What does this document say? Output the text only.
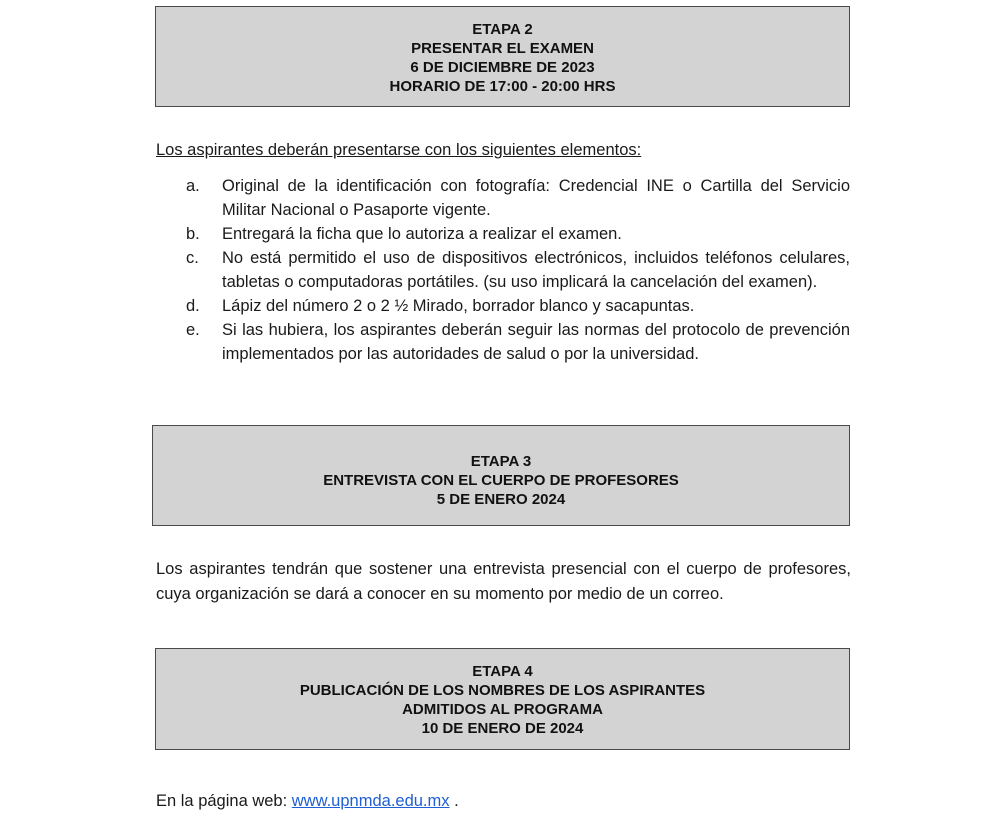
ETAPA 2
PRESENTAR EL EXAMEN
6 DE DICIEMBRE DE 2023
HORARIO DE 17:00 - 20:00 HRS
Los aspirantes deberán presentarse con los siguientes elementos:
a. Original de la identificación con fotografía: Credencial INE o Cartilla del Servicio Militar Nacional o Pasaporte vigente.
b. Entregará la ficha que lo autoriza a realizar el examen.
c. No está permitido el uso de dispositivos electrónicos, incluidos teléfonos celulares, tabletas o computadoras portátiles. (su uso implicará la cancelación del examen).
d. Lápiz del número 2 o 2 ½ Mirado, borrador blanco y sacapuntas.
e. Si las hubiera, los aspirantes deberán seguir las normas del protocolo de prevención implementados por las autoridades de salud o por la universidad.
ETAPA 3
ENTREVISTA CON EL CUERPO DE PROFESORES
5 DE ENERO 2024
Los aspirantes tendrán que sostener una entrevista presencial con el cuerpo de profesores, cuya organización se dará a conocer en su momento por medio de un correo.
ETAPA 4
PUBLICACIÓN DE LOS NOMBRES DE LOS ASPIRANTES
ADMITIDOS AL PROGRAMA
10 DE ENERO DE 2024
En la página web: www.upnmda.edu.mx .
